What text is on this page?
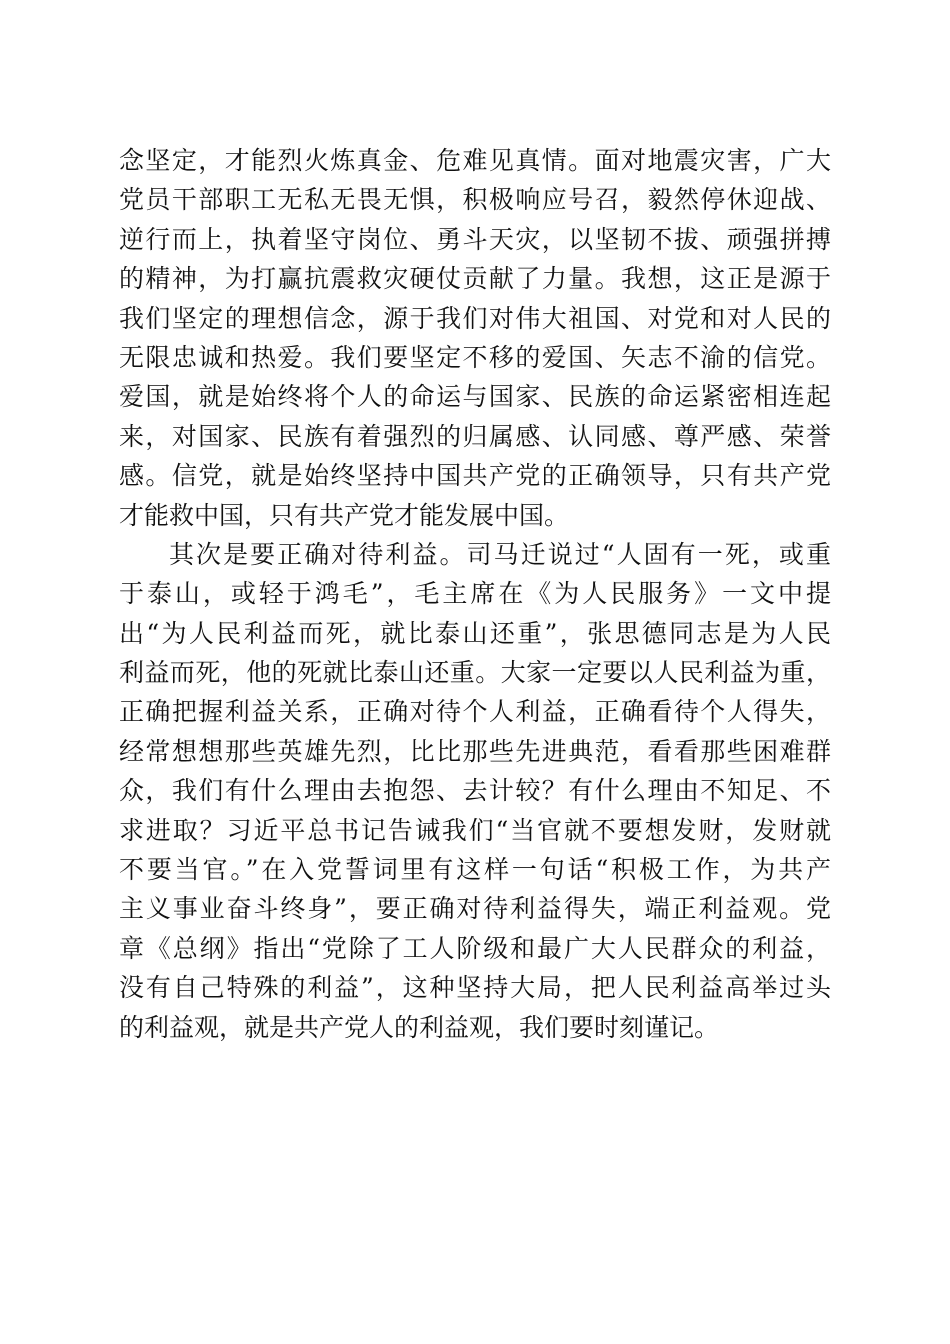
念坚定，才能烈火炼真金、危难见真情。面对地震灾害，广大
党员干部职工无私无畏无惧，积极响应号召，毅然停休迎战、
逆行而上，执着坚守岗位、勇斗天灾，以坚韧不拔、顽强拼搏
的精神，为打赢抗震救灾硬仗贡献了力量。我想，这正是源于
我们坚定的理想信念，源于我们对伟大祖国、对党和对人民的
无限忠诚和热爱。我们要坚定不移的爱国、矢志不渝的信党。
爱国，就是始终将个人的命运与国家、民族的命运紧密相连起
来，对国家、民族有着强烈的归属感、认同感、尊严感、荣誉
感。信党，就是始终坚持中国共产党的正确领导，只有共产党
才能救中国，只有共产党才能发展中国。
其次是要正确对待利益。司马迁说过“人固有一死，或重
于泰山，或轻于鸿毛”，毛主席在《为人民服务》一文中提
出“为人民利益而死，就比泰山还重”，张思德同志是为人民
利益而死，他的死就比泰山还重。大家一定要以人民利益为重，
正确把握利益关系，正确对待个人利益，正确看待个人得失，
经常想想那些英雄先烈，比比那些先进典范，看看那些困难群
众，我们有什么理由去抱怨、去计较？有什么理由不知足、不
求进取？习近平总书记告诫我们“当官就不要想发财，发财就
不要当官。”在入党誓词里有这样一句话“积极工作，为共产
主义事业奋斗终身”，要正确对待利益得失，端正利益观。党
章《总纲》指出“党除了工人阶级和最广大人民群众的利益，
没有自己特殊的利益”，这种坚持大局，把人民利益高举过头
的利益观，就是共产党人的利益观，我们要时刻谨记。
